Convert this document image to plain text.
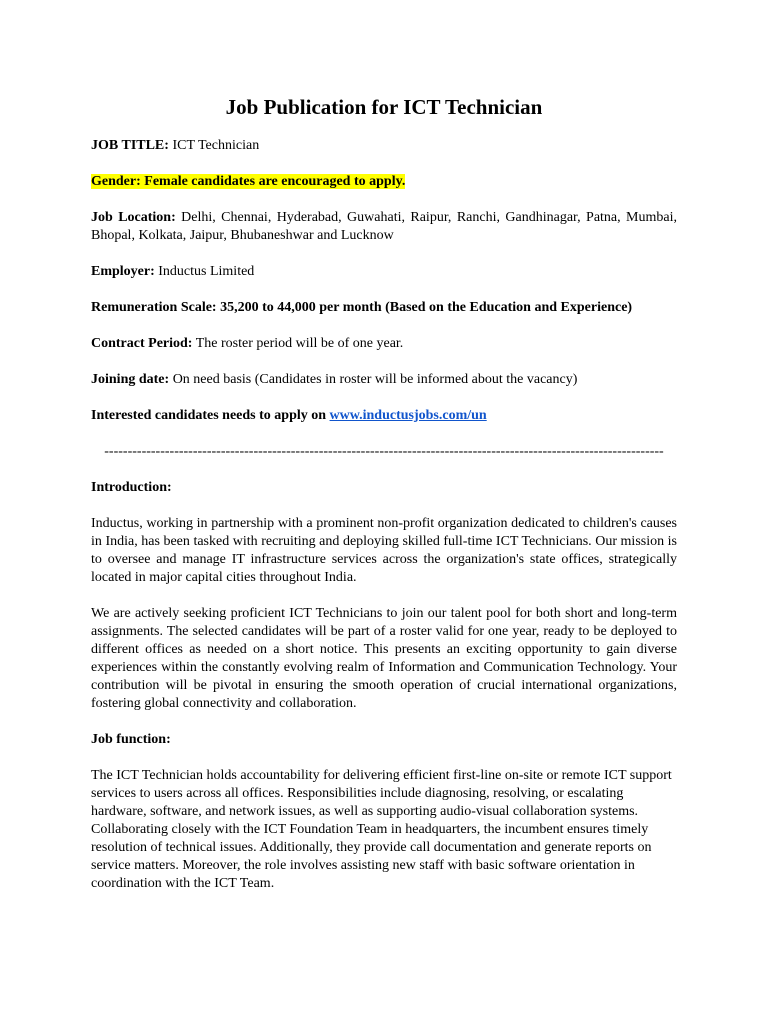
Job Publication for ICT Technician
JOB TITLE: ICT Technician
Gender: Female candidates are encouraged to apply.
Job Location: Delhi, Chennai, Hyderabad, Guwahati, Raipur, Ranchi, Gandhinagar, Patna, Mumbai, Bhopal, Kolkata, Jaipur, Bhubaneshwar and Lucknow
Employer: Inductus Limited
Remuneration Scale: 35,200 to 44,000 per month (Based on the Education and Experience)
Contract Period: The roster period will be of one year.
Joining date: On need basis (Candidates in roster will be informed about the vacancy)
Interested candidates needs to apply on www.inductusjobs.com/un
------------------------------------------------------------------------------------------------------------------------
Introduction:
Inductus, working in partnership with a prominent non-profit organization dedicated to children's causes in India, has been tasked with recruiting and deploying skilled full-time ICT Technicians. Our mission is to oversee and manage IT infrastructure services across the organization's state offices, strategically located in major capital cities throughout India.
We are actively seeking proficient ICT Technicians to join our talent pool for both short and long-term assignments. The selected candidates will be part of a roster valid for one year, ready to be deployed to different offices as needed on a short notice. This presents an exciting opportunity to gain diverse experiences within the constantly evolving realm of Information and Communication Technology. Your contribution will be pivotal in ensuring the smooth operation of crucial international organizations, fostering global connectivity and collaboration.
Job function:
The ICT Technician holds accountability for delivering efficient first-line on-site or remote ICT support services to users across all offices. Responsibilities include diagnosing, resolving, or escalating hardware, software, and network issues, as well as supporting audio-visual collaboration systems. Collaborating closely with the ICT Foundation Team in headquarters, the incumbent ensures timely resolution of technical issues. Additionally, they provide call documentation and generate reports on service matters. Moreover, the role involves assisting new staff with basic software orientation in coordination with the ICT Team.
